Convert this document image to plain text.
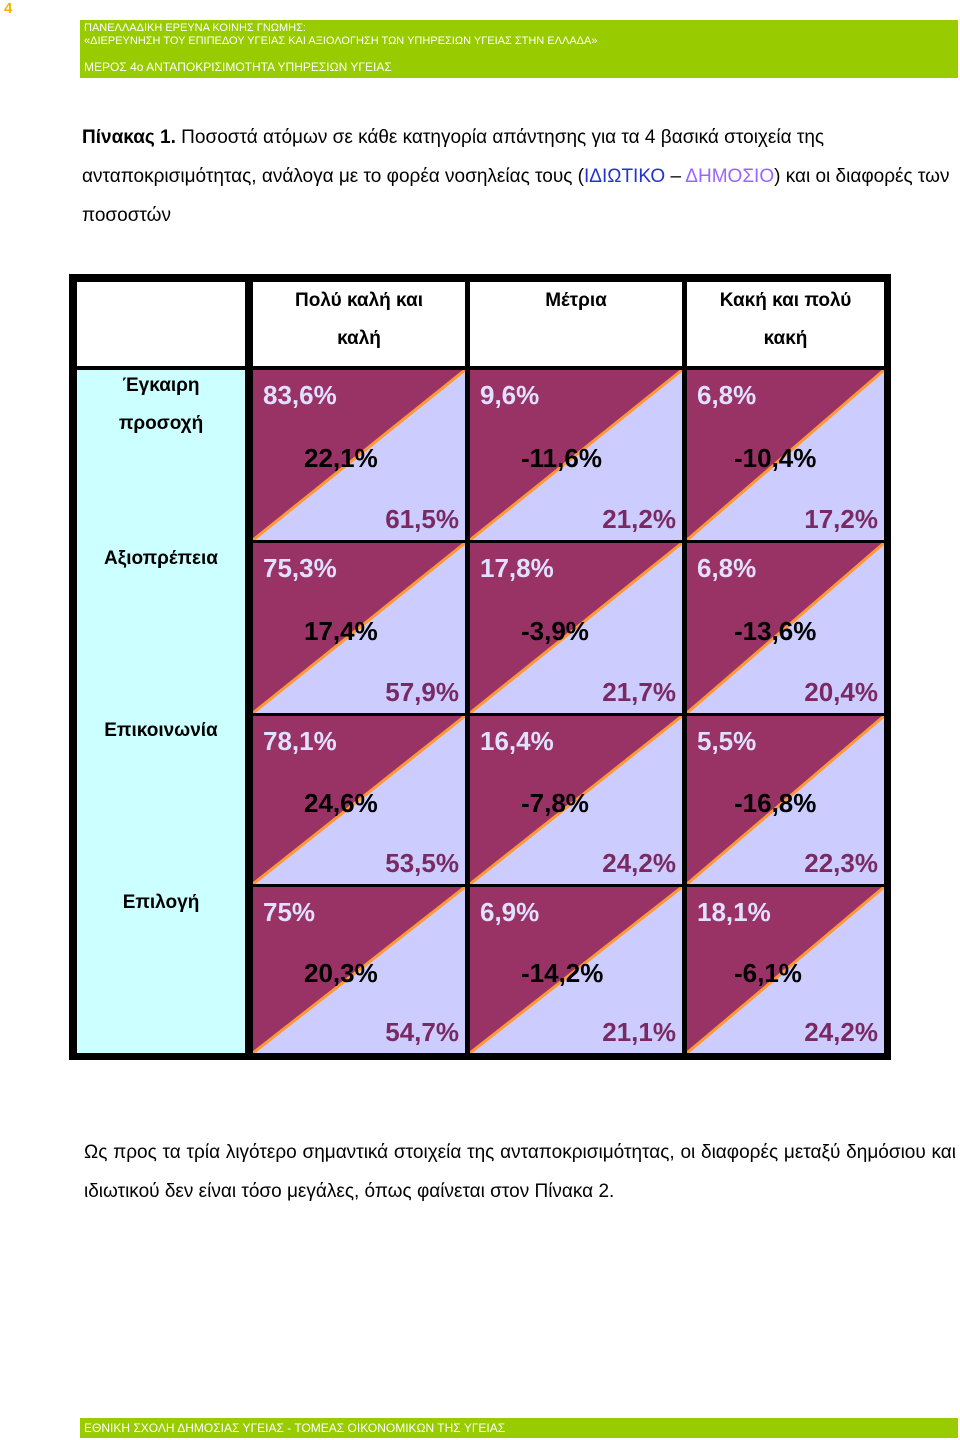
4
ΠΑΝΕΛΛΑΔΙΚΗ ΕΡΕΥΝΑ ΚΟΙΝΗΣ ΓΝΩΜΗΣ:
«ΔΙΕΡΕΥΝΗΣΗ ΤΟΥ ΕΠΙΠΕΔΟΥ ΥΓΕΙΑΣ ΚΑΙ ΑΞΙΟΛΟΓΗΣΗ ΤΩΝ ΥΠΗΡΕΣΙΩΝ ΥΓΕΙΑΣ ΣΤΗΝ ΕΛΛΑΔΑ»
ΜΕΡΟΣ 4ο ΑΝΤΑΠΟΚΡΙΣΙΜΟΤΗΤΑ ΥΠΗΡΕΣΙΩΝ ΥΓΕΙΑΣ
Πίνακας 1. Ποσοστά ατόμων σε κάθε κατηγορία απάντησης για τα 4 βασικά στοιχεία της ανταποκρισιμότητας, ανάλογα με το φορέα νοσηλείας τους (ΙΔΙΩΤΙΚΟ – ΔΗΜΟΣΙΟ) και οι διαφορές των ποσοστών
Πολύ καλή και
καλή
Μέτρια	Κακή και πολύ
κακή
Έγκαιρη
προσοχή
Αξιοπρέπεια
Επικοινωνία
Επιλογή
83,6%
22,1%
61,5%
9,6%
-11,6%
21,2%
6,8%
-10,4%
17,2%
75,3%
17,4%
57,9%
17,8%
-3,9%
21,7%
6,8%
-13,6%
20,4%
78,1%
24,6%
53,5%
16,4%
-7,8%
24,2%
5,5%
-16,8%
22,3%
75%
20,3%
54,7%
6,9%
-14,2%
21,1%
18,1%
-6,1%
24,2%
Ως προς τα τρία λιγότερο σημαντικά στοιχεία της ανταποκρισιμότητας, οι διαφορές μεταξύ δημόσιου και ιδιωτικού δεν είναι τόσο μεγάλες, όπως φαίνεται στον Πίνακα 2.
ΕΘΝΙΚΗ ΣΧΟΛΗ ΔΗΜΟΣΙΑΣ ΥΓΕΙΑΣ - ΤΟΜΕΑΣ ΟΙΚΟΝΟΜΙΚΩΝ ΤΗΣ ΥΓΕΙΑΣ
